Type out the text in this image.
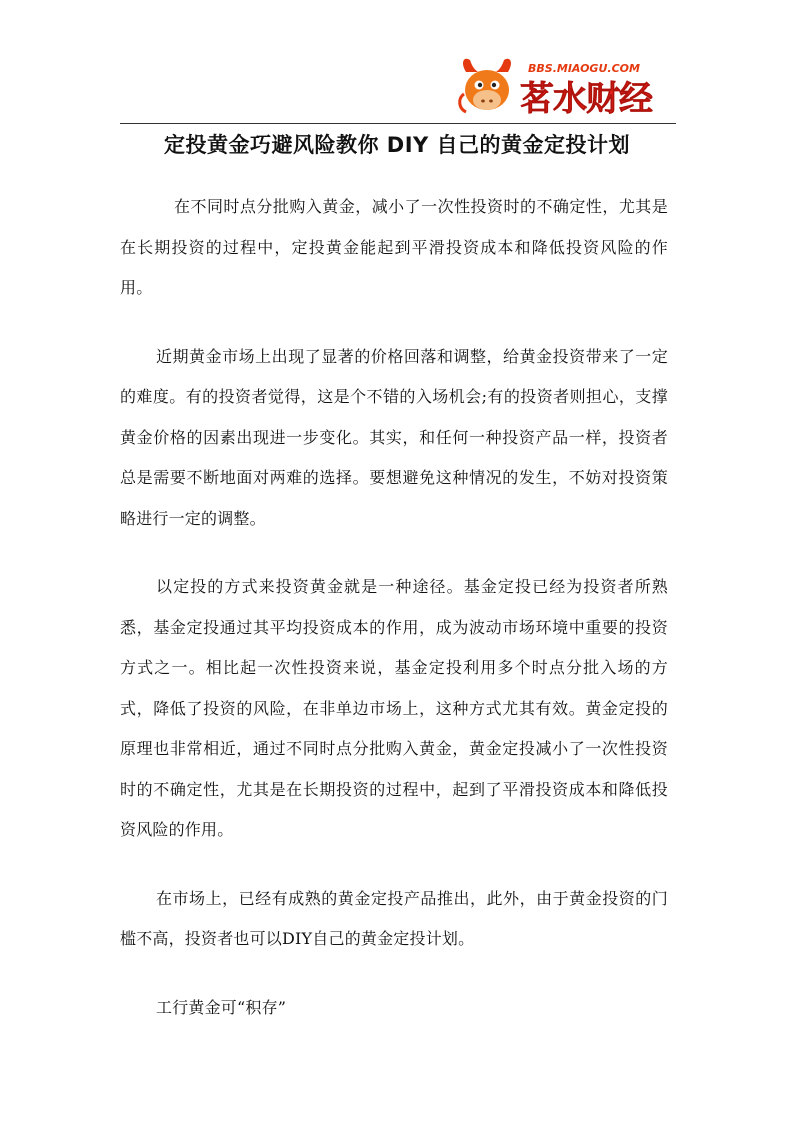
BBS.MIAOGU.COM
茗水财经
定投黄金巧避风险教你 DIY 自己的黄金定投计划

在不同时点分批购入黄金，减小了一次性投资时的不确定性，尤其是在长期投资的过程中，定投黄金能起到平滑投资成本和降低投资风险的作用。

近期黄金市场上出现了显著的价格回落和调整，给黄金投资带来了一定的难度。有的投资者觉得，这是个不错的入场机会;有的投资者则担心，支撑黄金价格的因素出现进一步变化。其实，和任何一种投资产品一样，投资者总是需要不断地面对两难的选择。要想避免这种情况的发生，不妨对投资策略进行一定的调整。

以定投的方式来投资黄金就是一种途径。基金定投已经为投资者所熟悉，基金定投通过其平均投资成本的作用，成为波动市场环境中重要的投资方式之一。相比起一次性投资来说，基金定投利用多个时点分批入场的方式，降低了投资的风险，在非单边市场上，这种方式尤其有效。黄金定投的原理也非常相近，通过不同时点分批购入黄金，黄金定投减小了一次性投资时的不确定性，尤其是在长期投资的过程中，起到了平滑投资成本和降低投资风险的作用。

在市场上，已经有成熟的黄金定投产品推出，此外，由于黄金投资的门槛不高，投资者也可以DIY自己的黄金定投计划。

工行黄金可“积存”
